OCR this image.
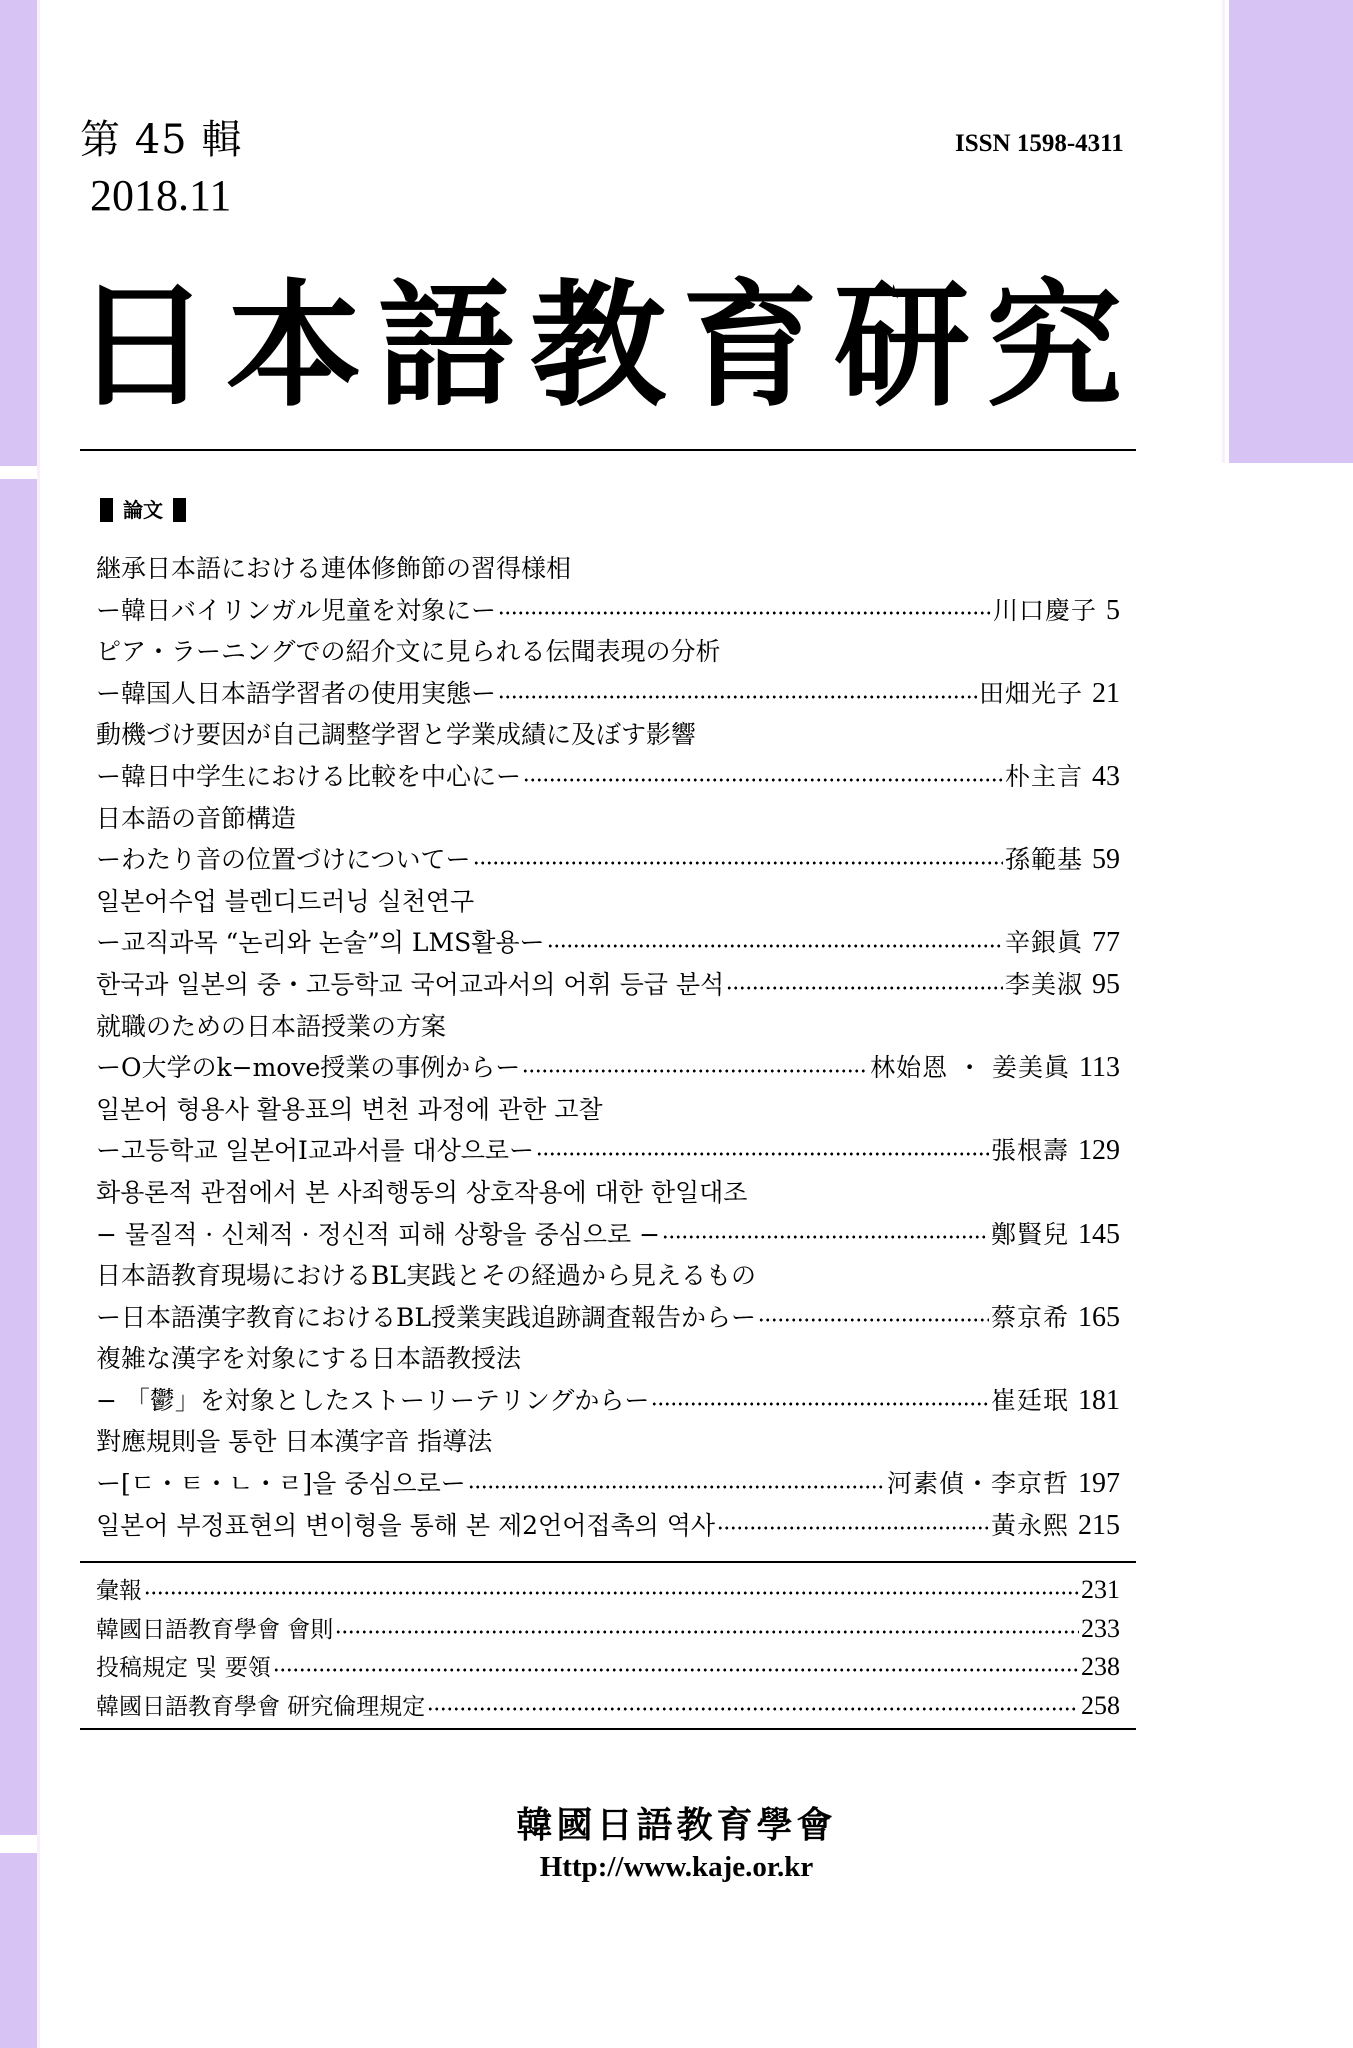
第 45 輯
2018.11
ISSN 1598-4311
日本語教育研究
論文
継承日本語における連体修飾節の習得様相
ー韓日バイリンガル児童を対象にー	川口慶子 5
ピア・ラーニングでの紹介文に見られる伝聞表現の分析
ー韓国人日本語学習者の使用実態ー	田畑光子 21
動機づけ要因が自己調整学習と学業成績に及ぼす影響
ー韓日中学生における比較を中心にー	朴主言 43
日本語の音節構造
ーわたり音の位置づけについてー	孫範基 59
일본어수업 블렌디드러닝 실천연구
ー교직과목 “논리와 논술”의 LMS활용ー	辛銀眞 77
한국과 일본의 중・고등학교 국어교과서의 어휘 등급 분석	李美淑 95
就職のための日本語授業の方案
ーO大学のk−move授業の事例からー	林始恩 ・ 姜美眞 113
일본어 형용사 활용표의 변천 과정에 관한 고찰
ー고등학교 일본어Ⅰ교과서를 대상으로ー	張根壽 129
화용론적 관점에서 본 사죄행동의 상호작용에 대한 한일대조
− 물질적 · 신체적 · 정신적 피해 상황을 중심으로 −	鄭賢兒 145
日本語教育現場におけるBL実践とその経過から見えるもの
ー日本語漢字教育におけるBL授業実践追跡調査報告からー	蔡京希 165
複雑な漢字を対象にする日本語教授法
− 「鬱」を対象としたストーリーテリングからー	崔廷珉 181
對應規則을 통한 日本漢字音 指導法
ー[ㄷ・ㅌ・ㄴ・ㄹ]을 중심으로ー	河素偵・李京哲 197
일본어 부정표현의 변이형을 통해 본 제2언어접촉의 역사	黃永熙 215
彙報	231
韓國日語教育學會 會則	233
投稿規定 및 要領	238
韓國日語教育學會 研究倫理規定	258
韓國日語教育學會
Http://www.kaje.or.kr
